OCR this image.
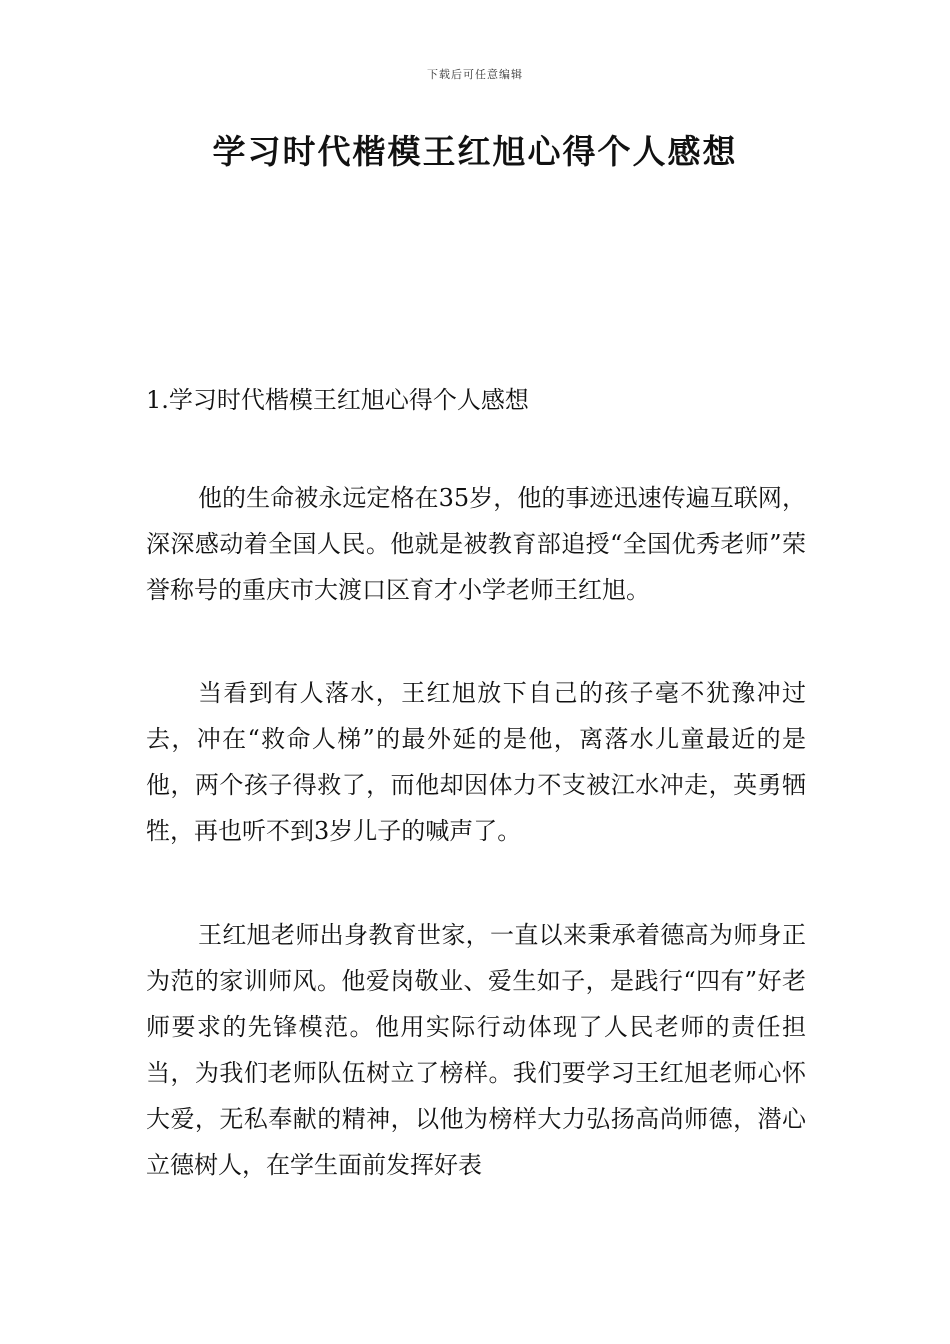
下载后可任意编辑
学习时代楷模王红旭心得个人感想

1.学习时代楷模王红旭心得个人感想

他的生命被永远定格在35岁，他的事迹迅速传遍互联网，深深感动着全国人民。他就是被教育部追授“全国优秀老师”荣誉称号的重庆市大渡口区育才小学老师王红旭。

当看到有人落水，王红旭放下自己的孩子毫不犹豫冲过去，冲在“救命人梯”的最外延的是他，离落水儿童最近的是他，两个孩子得救了，而他却因体力不支被江水冲走，英勇牺牲，再也听不到3岁儿子的喊声了。

王红旭老师出身教育世家，一直以来秉承着德高为师身正为范的家训师风。他爱岗敬业、爱生如子，是践行“四有”好老师要求的先锋模范。他用实际行动体现了人民老师的责任担当，为我们老师队伍树立了榜样。我们要学习王红旭老师心怀大爱，无私奉献的精神，以他为榜样大力弘扬高尚师德，潜心立德树人，在学生面前发挥好表
